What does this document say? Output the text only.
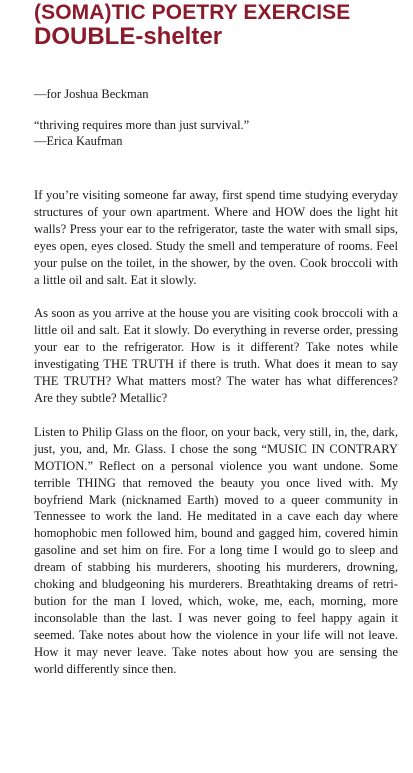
(SOMA)TIC POETRY EXERCISE
DOUBLE-shelter

—for Joshua Beckman

“thriving requires more than just survival.”
—Erica Kaufman

If you’re visiting someone far away, first spend time studying everyday structures of your own apartment. Where and HOW does the light hit walls? Press your ear to the refrigerator, taste the water with small sips, eyes open, eyes closed. Study the smell and temperature of rooms. Feel your pulse on the toilet, in the shower, by the oven. Cook broccoli with a little oil and salt. Eat it slowly.

As soon as you arrive at the house you are visiting cook broccoli with a little oil and salt. Eat it slowly. Do everything in reverse order, pressing your ear to the refrigerator. How is it different? Take notes while investigating THE TRUTH if there is truth. What does it mean to say THE TRUTH? What matters most? The water has what differences? Are they subtle? Metallic?

Listen to Philip Glass on the floor, on your back, very still, in, the, dark, just, you, and, Mr. Glass. I chose the song “MUSIC IN CONTRARY MOTION.” Reflect on a personal violence you want undone. Some terrible THING that removed the beauty you once lived with. My boyfriend Mark (nicknamed Earth) moved to a queer community in Tennessee to work the land. He meditated in a cave each day where homophobic men followed him, bound and gagged him, covered himin gasoline and set him on fire. For a long time I would go to sleep and dream of stabbing his murderers, shooting his murderers, drowning, choking and bludgeoning his murderers. Breathtaking dreams of retribution for the man I loved, which, woke, me, each, morning, more inconsolable than the last. I was never going to feel happy again it seemed. Take notes about how the violence in your life will not leave. How it may never leave. Take notes about how you are sensing the world differently since then.
